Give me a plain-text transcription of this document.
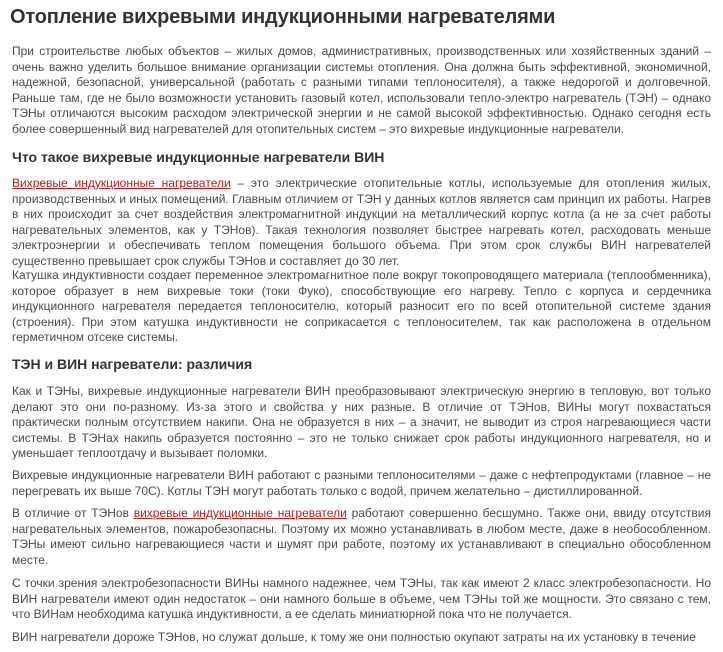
Отопление вихревыми индукционными нагревателями

При строительстве любых объектов – жилых домов, административных, производственных или хозяйственных зданий – очень важно уделить большое внимание организации системы отопления. Она должна быть эффективной, экономичной, надежной, безопасной, универсальной (работать с разными типами теплоносителя), а также недорогой и долговечной. Раньше там, где не было возможности установить газовый котел, использовали тепло-электро нагреватель (ТЭН) – однако ТЭНы отличаются высоким расходом электрической энергии и не самой высокой эффективностью. Однако сегодня есть более совершенный вид нагревателей для отопительных систем – это вихревые индукционные нагреватели.

Что такое вихревые индукционные нагреватели ВИН

Вихревые индукционные нагреватели – это электрические отопительные котлы, используемые для отопления жилых, производственных и иных помещений. Главным отличием от ТЭН у данных котлов является сам принцип их работы. Нагрев в них происходит за счет воздействия электромагнитной индукции на металлический корпус котла (а не за счет работы нагревательных элементов, как у ТЭНов). Такая технология позволяет быстрее нагревать котел, расходовать меньше электроэнергии и обеспечивать теплом помещения большого объема. При этом срок службы ВИН нагревателей существенно превышает срок службы ТЭНов и составляет до 30 лет.

Катушка индуктивности создает переменное электромагнитное поле вокруг токопроводящего материала (теплообменника), которое образует в нем вихревые токи (токи Фуко), способствующие его нагреву. Тепло с корпуса и сердечника индукционного нагревателя передается теплоносителю, который разносит его по всей отопительной системе здания (строения). При этом катушка индуктивности не соприкасается с теплоносителем, так как расположена в отдельном герметичном отсеке системы.

ТЭН и ВИН нагреватели: различия

Как и ТЭНы, вихревые индукционные нагреватели ВИН преобразовывают электрическую энергию в тепловую, вот только делают это они по-разному. Из-за этого и свойства у них разные. В отличие от ТЭНов, ВИНы могут похвастаться практически полным отсутствием накипи. Она не образуется в них – а значит, не выводит из строя нагревающиеся части системы. В ТЭНах накипь образуется постоянно – это не только снижает срок работы индукционного нагревателя, но и уменьшает теплоотдачу и вызывает поломки.

Вихревые индукционные нагреватели ВИН работают с разными теплоносителями – даже с нефтепродуктами (главное – не перегревать их выше 70С). Котлы ТЭН могут работать только с водой, причем желательно – дистиллированной.

В отличие от ТЭНов вихревые индукционные нагреватели работают совершенно бесшумно. Также они, ввиду отсутствия нагревательных элементов, пожаробезопасны. Поэтому их можно устанавливать в любом месте, даже в необособленном. ТЭНы имеют сильно нагревающиеся части и шумят при работе, поэтому их устанавливают в специально обособленном месте.

С точки зрения электробезопасности ВИНы намного надежнее, чем ТЭНы, так как имеют 2 класс электробезопасности. Но ВИН нагреватели имеют один недостаток – они намного больше в объеме, чем ТЭНы той же мощности. Это связано с тем, что ВИНам необходима катушка индуктивности, а ее сделать миниатюрной пока что не получается.

ВИН нагреватели дороже ТЭНов, но служат дольше, к тому же они полностью окупают затраты на их установку в течение
